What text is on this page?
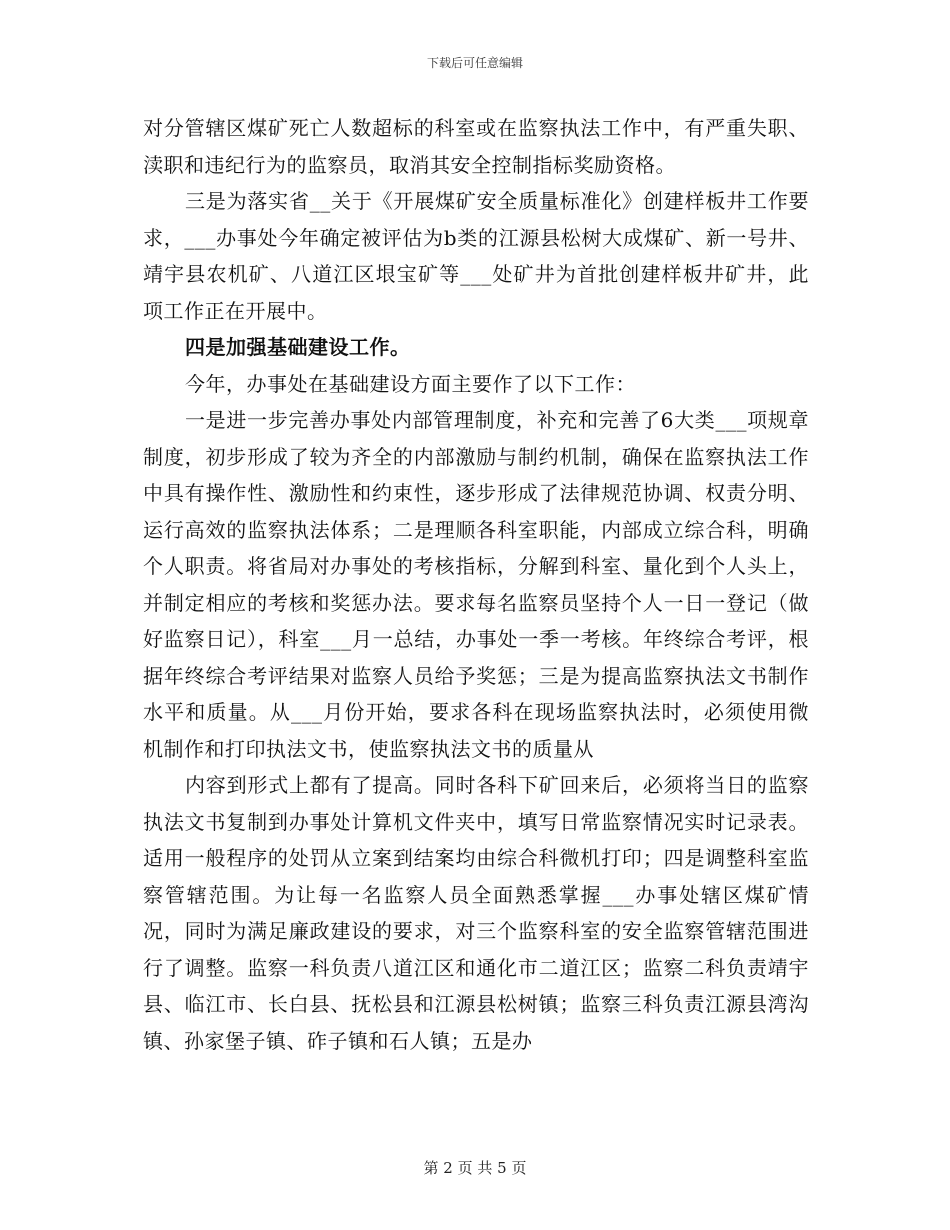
下载后可任意编辑

对分管辖区煤矿死亡人数超标的科室或在监察执法工作中，有严重失职、渎职和违纪行为的监察员，取消其安全控制指标奖励资格。

三是为落实省__关于《开展煤矿安全质量标准化》创建样板井工作要求，___办事处今年确定被评估为b类的江源县松树大成煤矿、新一号井、靖宇县农机矿、八道江区垠宝矿等___处矿井为首批创建样板井矿井，此项工作正在开展中。

四是加强基础建设工作。

今年，办事处在基础建设方面主要作了以下工作：

一是进一步完善办事处内部管理制度，补充和完善了6大类___项规章制度，初步形成了较为齐全的内部激励与制约机制，确保在监察执法工作中具有操作性、激励性和约束性，逐步形成了法律规范协调、权责分明、运行高效的监察执法体系；二是理顺各科室职能，内部成立综合科，明确个人职责。将省局对办事处的考核指标，分解到科室、量化到个人头上，并制定相应的考核和奖惩办法。要求每名监察员坚持个人一日一登记（做好监察日记），科室___月一总结，办事处一季一考核。年终综合考评，根据年终综合考评结果对监察人员给予奖惩；三是为提高监察执法文书制作水平和质量。从___月份开始，要求各科在现场监察执法时，必须使用微机制作和打印执法文书，使监察执法文书的质量从

内容到形式上都有了提高。同时各科下矿回来后，必须将当日的监察执法文书复制到办事处计算机文件夹中，填写日常监察情况实时记录表。适用一般程序的处罚从立案到结案均由综合科微机打印；四是调整科室监察管辖范围。为让每一名监察人员全面熟悉掌握___办事处辖区煤矿情况，同时为满足廉政建设的要求，对三个监察科室的安全监察管辖范围进行了调整。监察一科负责八道江区和通化市二道江区；监察二科负责靖宇县、临江市、长白县、抚松县和江源县松树镇；监察三科负责江源县湾沟镇、孙家堡子镇、砟子镇和石人镇；五是办

第 2 页 共 5 页
